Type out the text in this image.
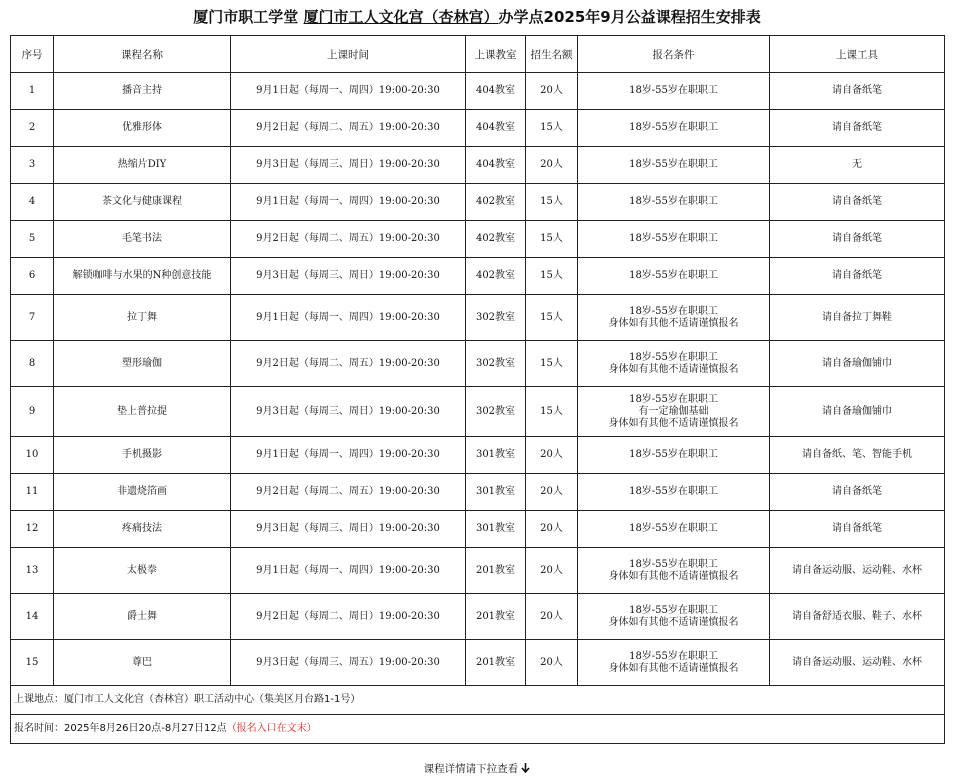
厦门市职工学堂 厦门市工人文化宫（杏林宫）办学点2025年9月公益课程招生安排表
序号	课程名称	上课时间	上课教室	招生名额	报名条件	上课工具
1	播音主持	9月1日起（每周一、周四）19:00-20:30	404教室	20人	18岁-55岁在职职工	请自备纸笔
2	优雅形体	9月2日起（每周二、周五）19:00-20:30	404教室	15人	18岁-55岁在职职工	请自备纸笔
3	热缩片DIY	9月3日起（每周三、周日）19:00-20:30	404教室	20人	18岁-55岁在职职工	无
4	茶文化与健康课程	9月1日起（每周一、周四）19:00-20:30	402教室	15人	18岁-55岁在职职工	请自备纸笔
5	毛笔书法	9月2日起（每周二、周五）19:00-20:30	402教室	15人	18岁-55岁在职职工	请自备纸笔
6	解锁咖啡与水果的N种创意技能	9月3日起（每周三、周日）19:00-20:30	402教室	15人	18岁-55岁在职职工	请自备纸笔
7	拉丁舞	9月1日起（每周一、周四）19:00-20:30	302教室	15人	18岁-55岁在职职工
身体如有其他不适请谨慎报名	请自备拉丁舞鞋
8	塑形瑜伽	9月2日起（每周二、周五）19:00-20:30	302教室	15人	18岁-55岁在职职工
身体如有其他不适请谨慎报名	请自备瑜伽铺巾
9	垫上普拉提	9月3日起（每周三、周日）19:00-20:30	302教室	15人	18岁-55岁在职职工
有一定瑜伽基础
身体如有其他不适请谨慎报名	请自备瑜伽铺巾
10	手机摄影	9月1日起（每周一、周四）19:00-20:30	301教室	20人	18岁-55岁在职职工	请自备纸、笔、智能手机
11	非遗烧箔画	9月2日起（每周二、周五）19:00-20:30	301教室	20人	18岁-55岁在职职工	请自备纸笔
12	疼痛技法	9月3日起（每周三、周日）19:00-20:30	301教室	20人	18岁-55岁在职职工	请自备纸笔
13	太极拳	9月1日起（每周一、周四）19:00-20:30	201教室	20人	18岁-55岁在职职工
身体如有其他不适请谨慎报名	请自备运动服、运动鞋、水杯
14	爵士舞	9月2日起（每周二、周日）19:00-20:30	201教室	20人	18岁-55岁在职职工
身体如有其他不适请谨慎报名	请自备舒适衣服、鞋子、水杯
15	尊巴	9月3日起（每周三、周五）19:00-20:30	201教室	20人	18岁-55岁在职职工
身体如有其他不适请谨慎报名	请自备运动服、运动鞋、水杯
上课地点：厦门市工人文化宫（杏林宫）职工活动中心（集美区月台路1-1号）						
报名时间：2025年8月26日20点-8月27日12点（报名入口在文末）						
课程详情请下拉查看
